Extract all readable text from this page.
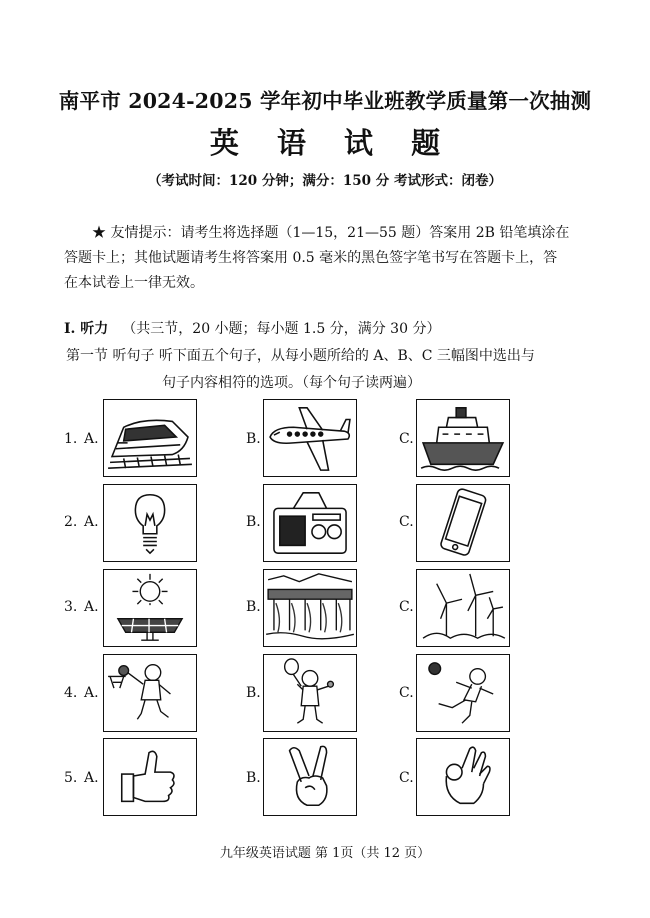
南平市 2024-2025 学年初中毕业班教学质量第一次抽测
英 语 试 题
（考试时间：120 分钟；满分：150 分 考试形式：闭卷）
★ 友情提示：请考生将选择题（1—15，21—55 题）答案用 2B 铅笔填涂在
答题卡上；其他试题请考生将答案用 0.5 毫米的黑色签字笔书写在答题卡上，答
在本试卷上一律无效。
I. 听力 （共三节，20 小题；每小题 1.5 分，满分 30 分）
第一节 听句子 听下面五个句子，从每小题所给的 A、B、C 三幅图中选出与
句子内容相符的选项。（每个句子读两遍）
1. A.	B.	C.
2. A.	B.	C.
3. A.	B.	C.
4. A.	B.	C.
5. A.	B.	C.
九年级英语试题 第 1页（共 12 页）
